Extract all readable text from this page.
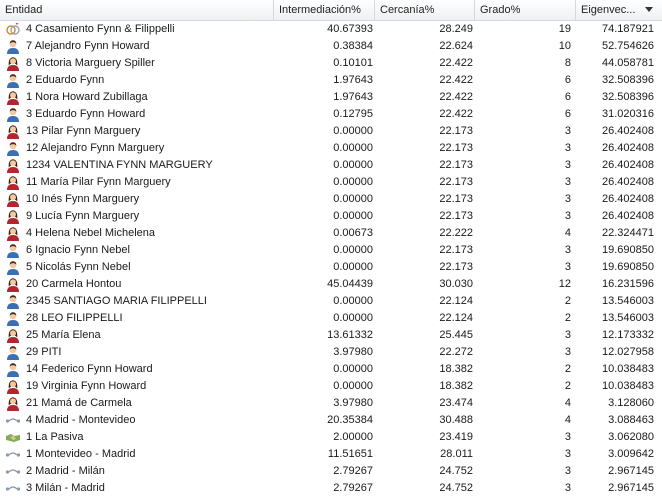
Entidad	Intermediación%	Cercanía%	Grado%	Eigenvec...
4 Casamiento Fynn & Filippelli	40.67393	28.249	19	74.187921
7 Alejandro Fynn Howard	0.38384	22.624	10	52.754626
8 Victoria Marguery Spiller	0.10101	22.422	8	44.058781
2 Eduardo Fynn	1.97643	22.422	6	32.508396
1 Nora Howard Zubillaga	1.97643	22.422	6	32.508396
3 Eduardo Fynn Howard	0.12795	22.422	6	31.020316
13 Pilar Fynn Marguery	0.00000	22.173	3	26.402408
12 Alejandro Fynn Marguery	0.00000	22.173	3	26.402408
1234 VALENTINA FYNN MARGUERY	0.00000	22.173	3	26.402408
11 María Pilar Fynn Marguery	0.00000	22.173	3	26.402408
10 Inés Fynn Marguery	0.00000	22.173	3	26.402408
9 Lucía Fynn Marguery	0.00000	22.173	3	26.402408
4 Helena Nebel Michelena	0.00673	22.222	4	22.324471
6 Ignacio Fynn Nebel	0.00000	22.173	3	19.690850
5 Nicolás Fynn Nebel	0.00000	22.173	3	19.690850
20 Carmela Hontou	45.04439	30.030	12	16.231596
2345 SANTIAGO MARIA FILIPPELLI	0.00000	22.124	2	13.546003
28 LEO FILIPPELLI	0.00000	22.124	2	13.546003
25 María Elena	13.61332	25.445	3	12.173332
29 PITI	3.97980	22.272	3	12.027958
14 Federico Fynn Howard	0.00000	18.382	2	10.038483
19 Virginia Fynn Howard	0.00000	18.382	2	10.038483
21 Mamá de Carmela	3.97980	23.474	4	3.128060
4 Madrid - Montevideo	20.35384	30.488	4	3.088463
1 La Pasiva	2.00000	23.419	3	3.062080
1 Montevideo - Madrid	11.51651	28.011	3	3.009642
2 Madrid - Milán	2.79267	24.752	3	2.967145
3 Milán - Madrid	2.79267	24.752	3	2.967145
